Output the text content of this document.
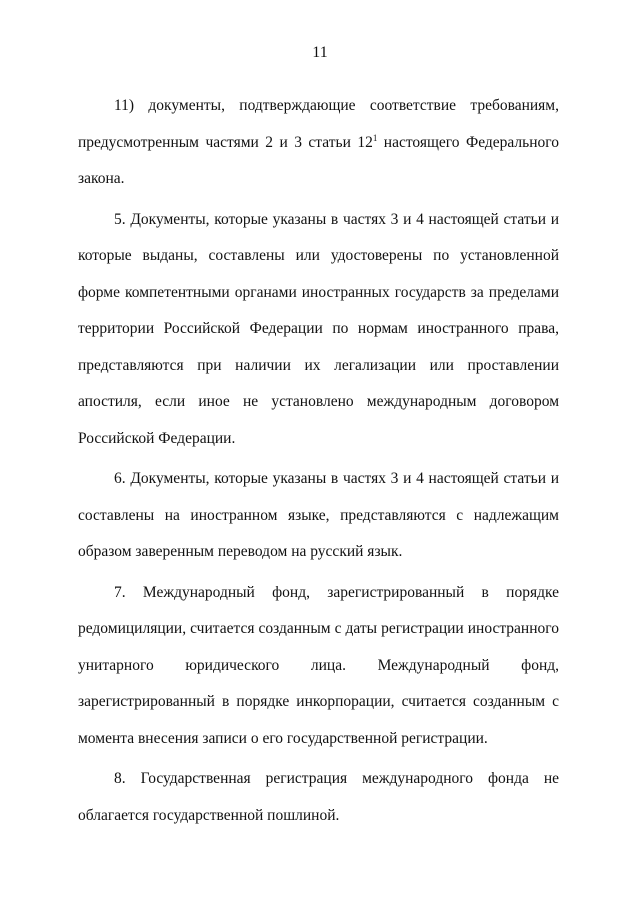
11

11) документы, подтверждающие соответствие требованиям, предусмотренным частями 2 и 3 статьи $12^1$ настоящего Федерального закона.

5. Документы, которые указаны в частях 3 и 4 настоящей статьи и которые выданы, составлены или удостоверены по установленной форме компетентными органами иностранных государств за пределами территории Российской Федерации по нормам иностранного права, представляются при наличии их легализации или проставлении апостиля, если иное не установлено международным договором Российской Федерации.

6. Документы, которые указаны в частях 3 и 4 настоящей статьи и составлены на иностранном языке, представляются с надлежащим образом заверенным переводом на русский язык.

7. Международный фонд, зарегистрированный в порядке редомициляции, считается созданным с даты регистрации иностранного унитарного юридического лица. Международный фонд, зарегистрированный в порядке инкорпорации, считается созданным с момента внесения записи о его государственной регистрации.

8. Государственная регистрация международного фонда не облагается государственной пошлиной.
